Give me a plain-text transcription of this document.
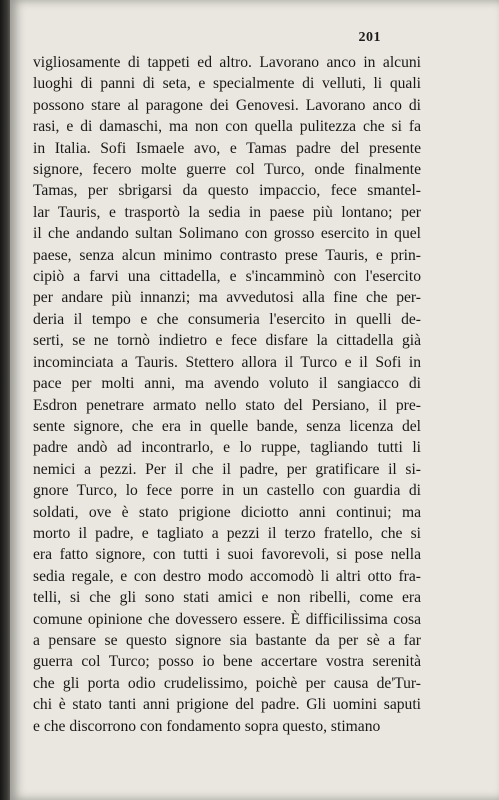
201
vigliosamente di tappeti ed altro. Lavorano anco in alcuni
luoghi di panni di seta, e specialmente di velluti, li quali
possono stare al paragone dei Genovesi. Lavorano anco di
rasi, e di damaschi, ma non con quella pulitezza che si fa
in Italia. Sofi Ismaele avo, e Tamas padre del presente
signore, fecero molte guerre col Turco, onde finalmente
Tamas, per sbrigarsi da questo impaccio, fece smantel-
lar Tauris, e trasportò la sedia in paese più lontano; per
il che andando sultan Solimano con grosso esercito in quel
paese, senza alcun minimo contrasto prese Tauris, e prin-
cipiò a farvi una cittadella, e s'incamminò con l'esercito
per andare più innanzi; ma avvedutosi alla fine che per-
deria il tempo e che consumeria l'esercito in quelli de-
serti, se ne tornò indietro e fece disfare la cittadella già
incominciata a Tauris. Stettero allora il Turco e il Sofi in
pace per molti anni, ma avendo voluto il sangiacco di
Esdron penetrare armato nello stato del Persiano, il pre-
sente signore, che era in quelle bande, senza licenza del
padre andò ad incontrarlo, e lo ruppe, tagliando tutti li
nemici a pezzi. Per il che il padre, per gratificare il si-
gnore Turco, lo fece porre in un castello con guardia di
soldati, ove è stato prigione diciotto anni continui; ma
morto il padre, e tagliato a pezzi il terzo fratello, che si
era fatto signore, con tutti i suoi favorevoli, si pose nella
sedia regale, e con destro modo accomodò li altri otto fra-
telli, si che gli sono stati amici e non ribelli, come era
comune opinione che dovessero essere. È difficilissima cosa
a pensare se questo signore sia bastante da per sè a far
guerra col Turco; posso io bene accertare vostra serenità
che gli porta odio crudelissimo, poichè per causa de'Tur-
chi è stato tanti anni prigione del padre. Gli uomini saputi
e che discorrono con fondamento sopra questo, stimano
